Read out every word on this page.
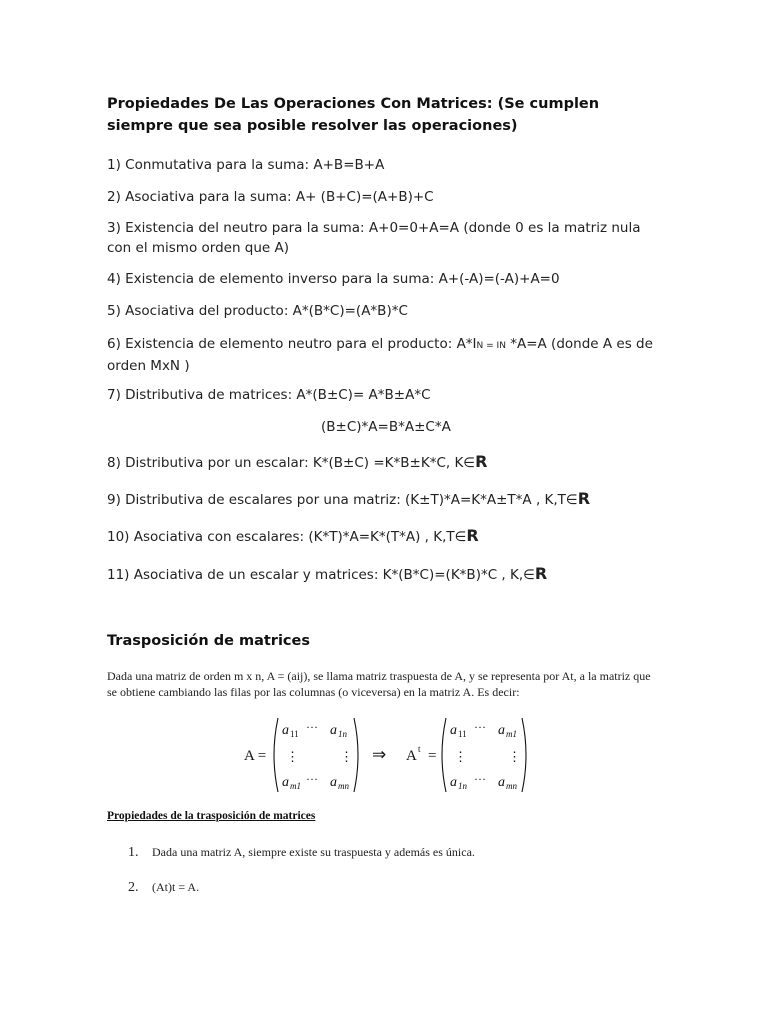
Propiedades De Las Operaciones Con Matrices: (Se cumplen siempre que sea posible resolver las operaciones)
1) Conmutativa para la suma: A+B=B+A
2) Asociativa para la suma: A+ (B+C)=(A+B)+C
3) Existencia del neutro para la suma: A+0=0+A=A (donde 0 es la matriz nula con el mismo orden que A)
4) Existencia de elemento inverso para la suma: A+(-A)=(-A)+A=0
5) Asociativa del producto: A*(B*C)=(A*B)*C
6) Existencia de elemento neutro para el producto: A*IN = IN *A=A (donde A es de orden MxN )
7) Distributiva de matrices: A*(B±C)= A*B±A*C
(B±C)*A=B*A±C*A
8) Distributiva por un escalar: K*(B±C) =K*B±K*C, K∈R
9) Distributiva de escalares por una matriz: (K±T)*A=K*A±T*A , K,T∈R
10) Asociativa con escalares: (K*T)*A=K*(T*A) , K,T∈R
11) Asociativa de un escalar y matrices: K*(B*C)=(K*B)*C , K,∈R
Trasposición de matrices
Dada una matriz de orden m x n, A = (aij), se llama matriz traspuesta de A, y se representa por At, a la matriz que se obtiene cambiando las filas por las columnas (o viceversa) en la matriz A. Es decir:
A =
a 11 ··· a 1n
⋮	⋮
a m1 ··· a mn
⇒ A t =
a 11 ··· a m1
⋮	⋮
a 1n ··· a mn
Propiedades de la trasposición de matrices
1. Dada una matriz A, siempre existe su traspuesta y además es única.
2. (At)t = A.
